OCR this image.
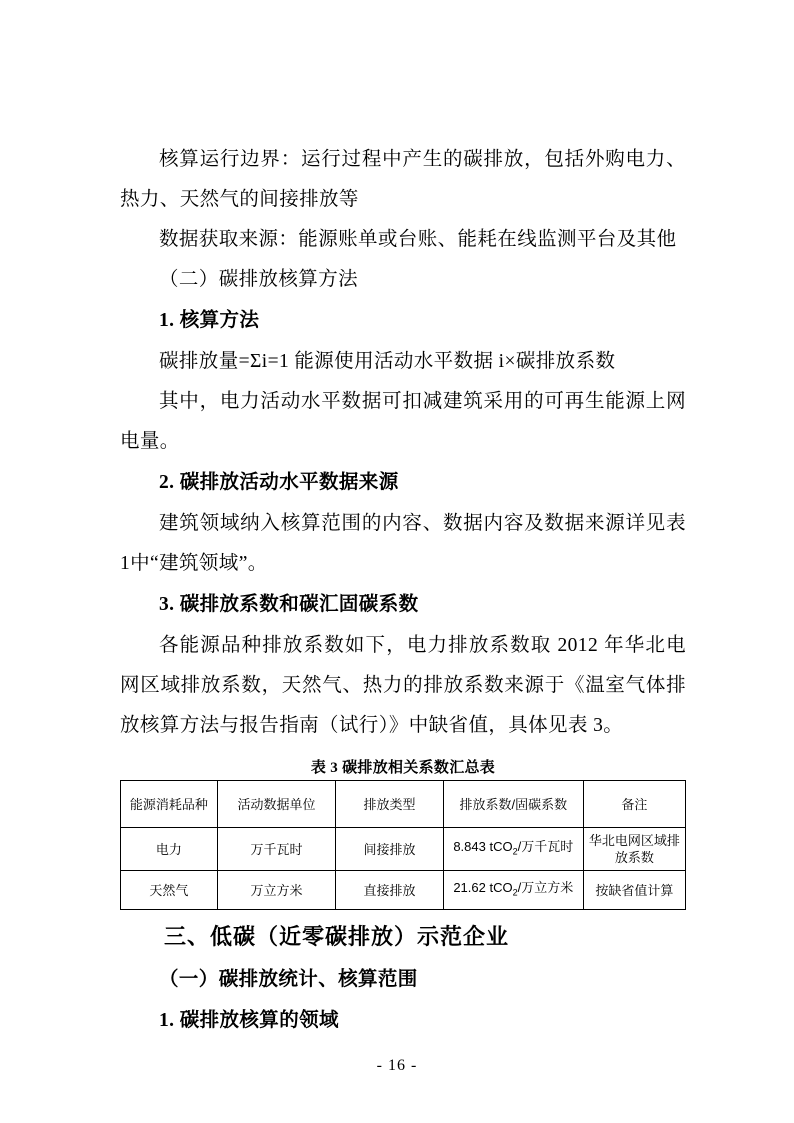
核算运行边界：运行过程中产生的碳排放，包括外购电力、热力、天然气的间接排放等

数据获取来源：能源账单或台账、能耗在线监测平台及其他

（二）碳排放核算方法

1. 核算方法

碳排放量=Σi=1 能源使用活动水平数据 i×碳排放系数

其中，电力活动水平数据可扣减建筑采用的可再生能源上网电量。

2. 碳排放活动水平数据来源

建筑领域纳入核算范围的内容、数据内容及数据来源详见表1中“建筑领域”。

3. 碳排放系数和碳汇固碳系数

各能源品种排放系数如下，电力排放系数取 2012 年华北电网区域排放系数，天然气、热力的排放系数来源于《温室气体排放核算方法与报告指南（试行）》中缺省值，具体见表 3。

表 3 碳排放相关系数汇总表
能源消耗品种	活动数据单位	排放类型	排放系数/固碳系数	备注
电力	万千瓦时	间接排放	8.843 tCO$_2$/万千瓦时	华北电网区域排放系数
天然气	万立方米	直接排放	21.62 tCO$_2$/万立方米	按缺省值计算

三、低碳（近零碳排放）示范企业

（一）碳排放统计、核算范围

1. 碳排放核算的领域

- 16 -
